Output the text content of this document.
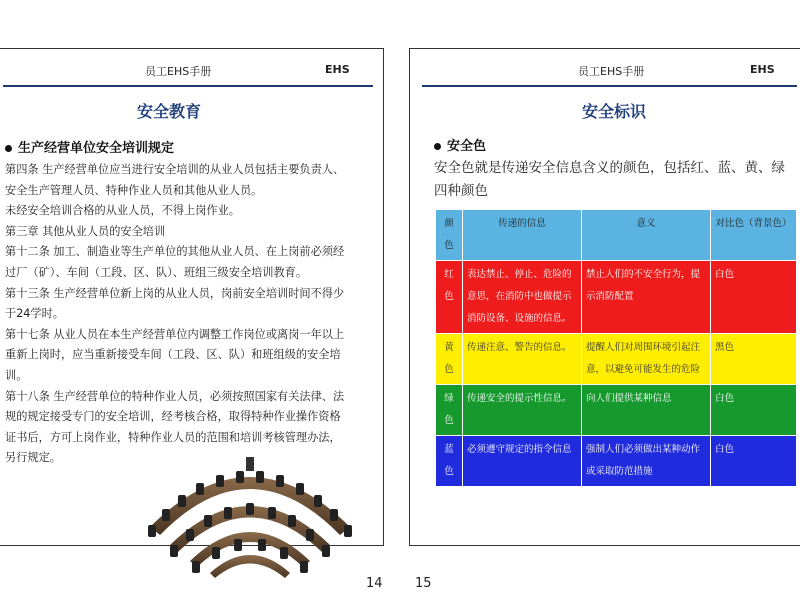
员工EHS手册	EHS
安全教育
生产经营单位安全培训规定
第四条 生产经营单位应当进行安全培训的从业人员包括主要负责人、
安全生产管理人员、特种作业人员和其他从业人员。
未经安全培训合格的从业人员，不得上岗作业。
第三章 其他从业人员的安全培训
第十二条 加工、制造业等生产单位的其他从业人员、在上岗前必须经
过厂（矿）、车间（工段、区、队）、班组三级安全培训教育。
第十三条 生产经营单位新上岗的从业人员，岗前安全培训时间不得少
于24学时。
第十七条 从业人员在本生产经营单位内调整工作岗位或离岗一年以上
重新上岗时，应当重新接受车间（工段、区、队）和班组级的安全培
训。
第十八条 生产经营单位的特种作业人员，必须按照国家有关法律、法
规的规定接受专门的安全培训，经考核合格，取得特种作业操作资格
证书后，方可上岗作业，特种作业人员的范围和培训考核管理办法，
另行规定。
员工EHS手册	EHS
安全标识
安全色
安全色就是传递安全信息含义的颜色，包括红、蓝、黄、绿四种颜色
颜色	传递的信息	意义	对比色（背景色）
红色	表达禁止、停止、危险的意思，在消防中也做提示消防设备、设施的信息。	禁止人们的不安全行为，提示消防配置	白色
黄色	传递注意、警告的信息。	提醒人们对周围环境引起注意，以避免可能发生的危险	黑色
绿色	传递安全的提示性信息。	向人们提供某种信息	白色
蓝色	必须遵守规定的指令信息	强制人们必须做出某种动作或采取防范措施	白色
14 15
